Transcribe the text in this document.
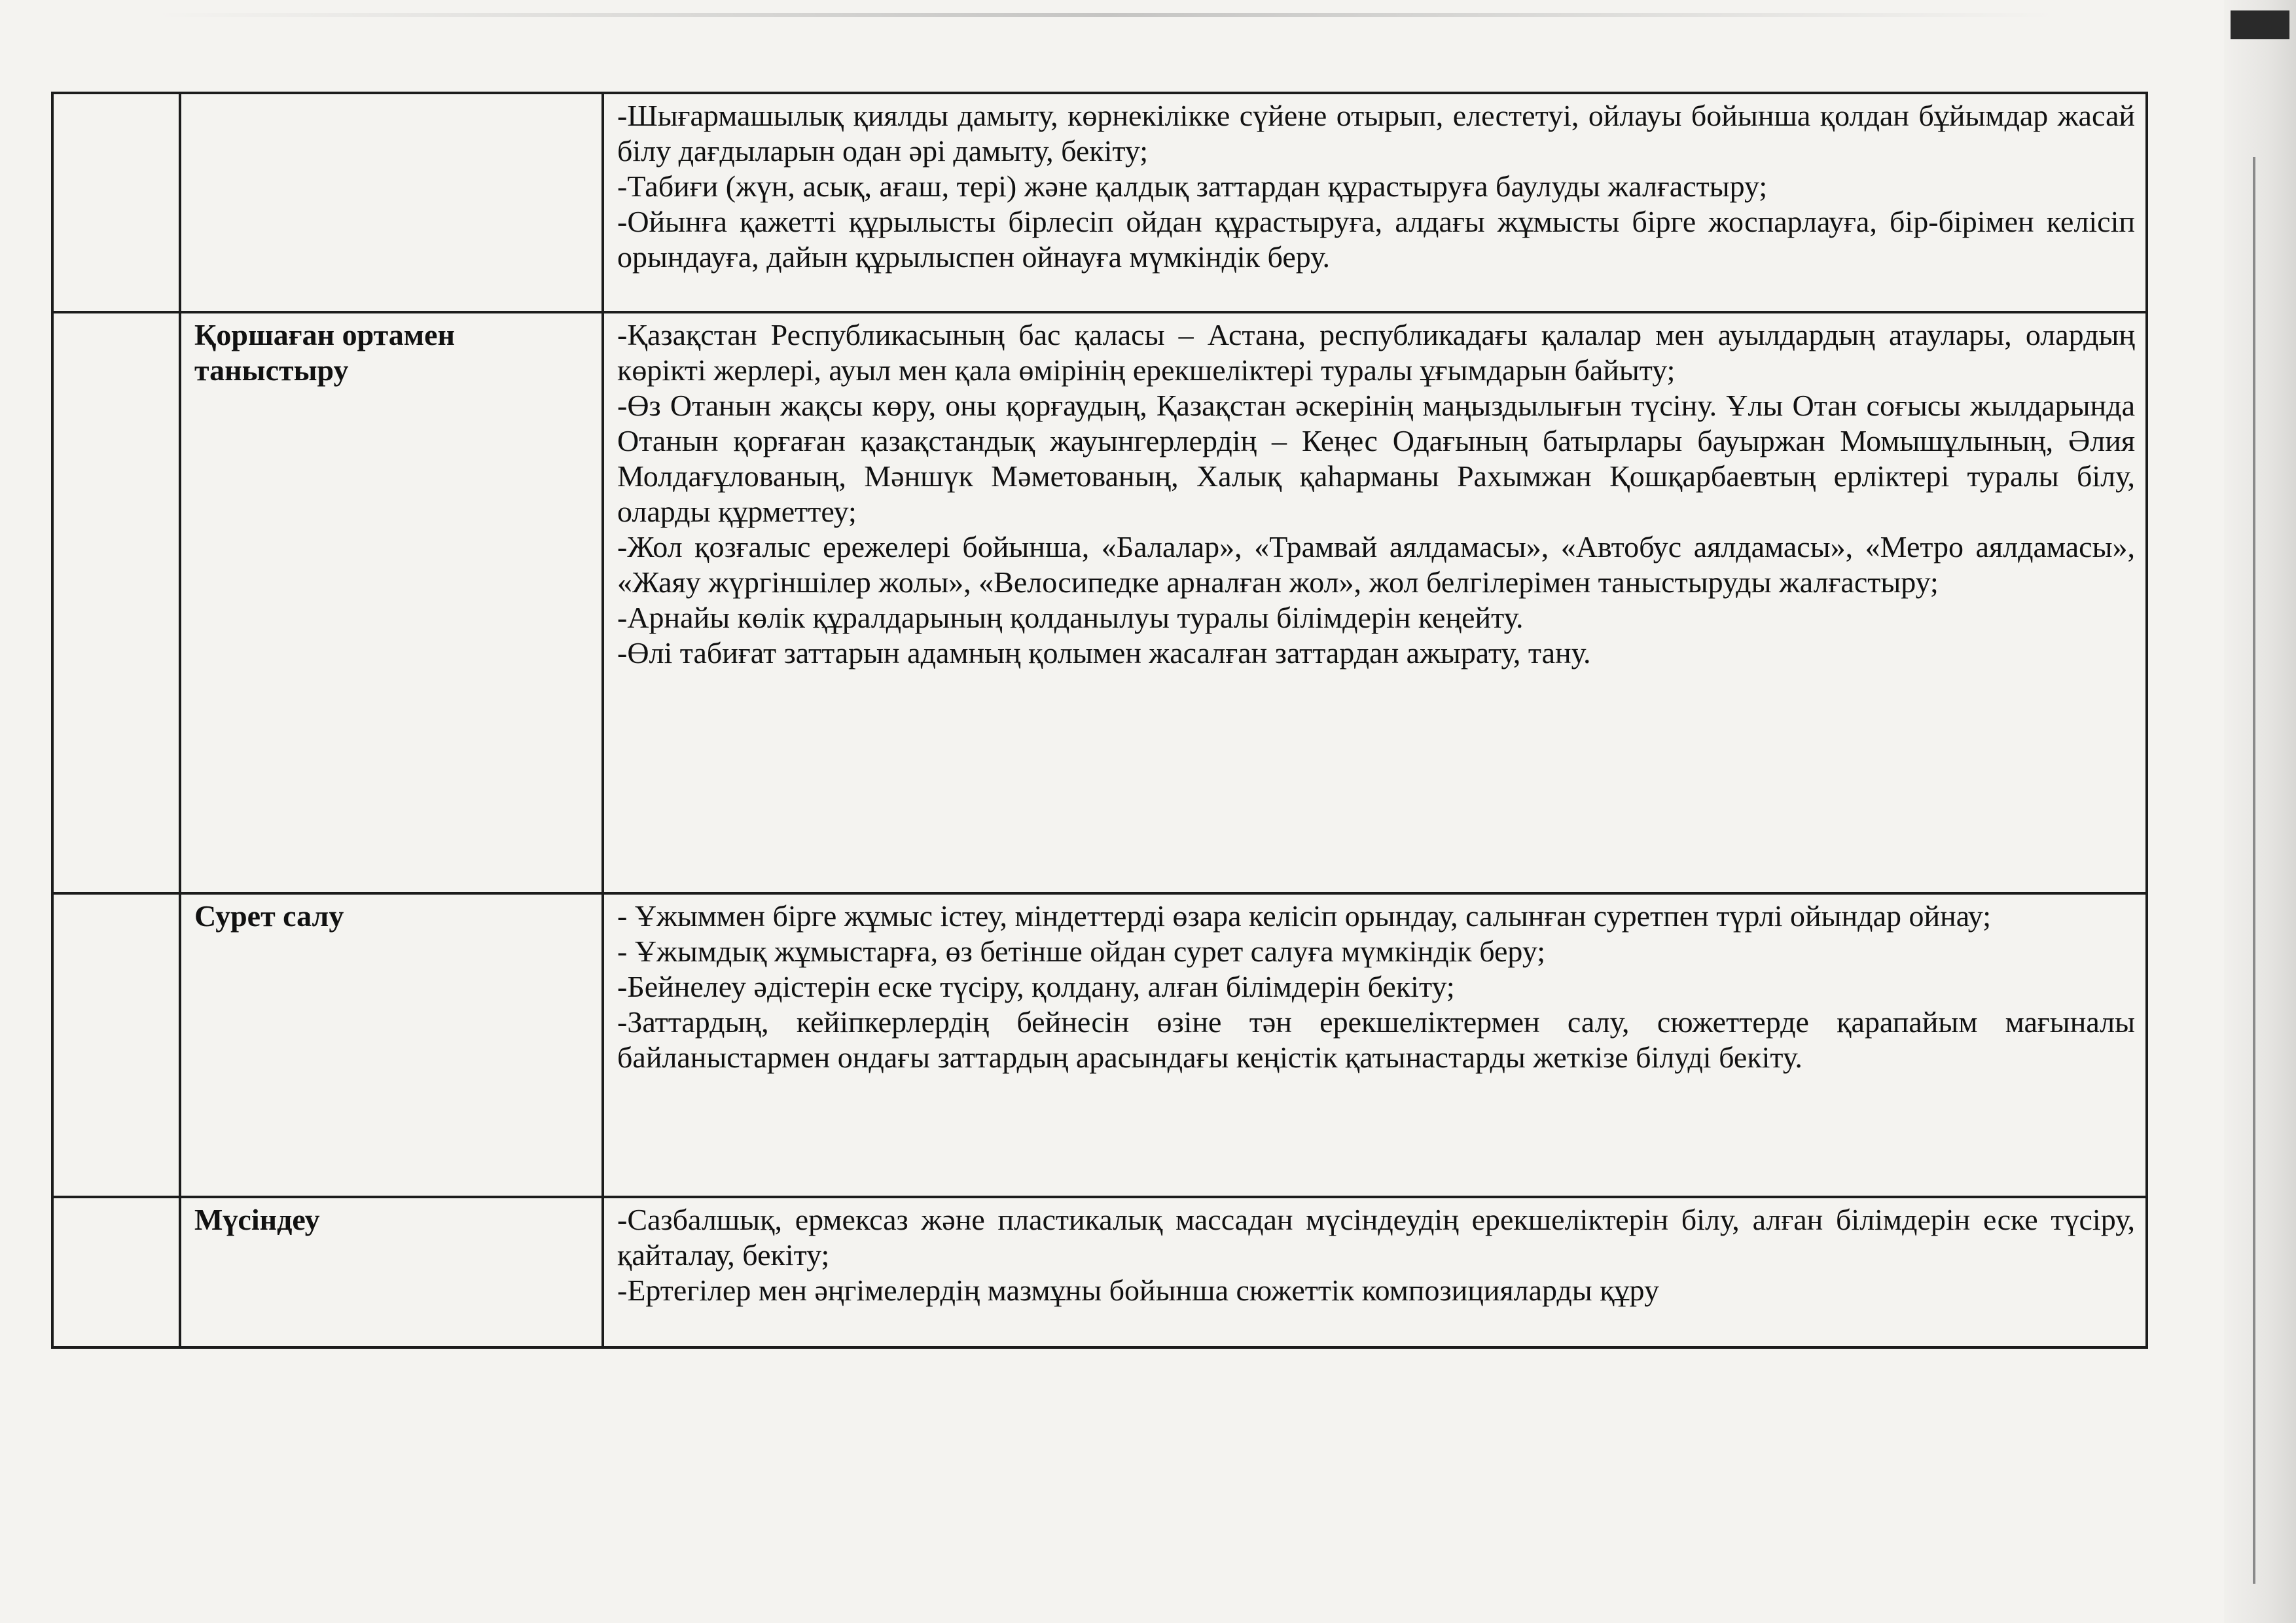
		-Шығармашылық қиялды дамыту, көрнекілікке сүйене отырып, елестетуі, ойлауы бойынша қолдан бұйымдар жасай білу дағдыларын одан әрі дамыту, бекіту;
-Табиғи (жүн, асық, ағаш, тері) және қалдық заттардан құрастыруға баулуды жалғастыру;
-Ойынға қажетті құрылысты бірлесіп ойдан құрастыруға, алдағы жұмысты бірге жоспарлауға, бір-бірімен келісіп орындауға, дайын құрылыспен ойнауға мүмкіндік беру.

	Қоршаған ортамен таныстыру	-Қазақстан Республикасының бас қаласы – Астана, республикадағы қалалар мен ауылдардың атаулары, олардың көрікті жерлері, ауыл мен қала өмірінің ерекшеліктері туралы ұғымдарын байыту;
-Өз Отанын жақсы көру, оны қорғаудың, Қазақстан әскерінің маңыздылығын түсіну. Ұлы Отан соғысы жылдарында Отанын қорғаған қазақстандық жауынгерлердің – Кеңес Одағының батырлары бауыржан Момышұлының, Әлия Молдағұлованың, Мәншүк Мәметованың, Халық қаһарманы Рахымжан Қошқарбаевтың ерліктері туралы білу, оларды құрметтеу;
-Жол қозғалыс ережелері бойынша, «Балалар», «Трамвай аялдамасы», «Автобус аялдамасы», «Метро аялдамасы», «Жаяу жүргіншілер жолы», «Велосипедке арналған жол», жол белгілерімен таныстыруды жалғастыру;
-Арнайы көлік құралдарының қолданылуы туралы білімдерін кеңейту.
-Өлі табиғат заттарын адамның қолымен жасалған заттардан ажырату, тану.

	Сурет салу	- Ұжыммен бірге жұмыс істеу, міндеттерді өзара келісіп орындау, салынған суретпен түрлі ойындар ойнау;
- Ұжымдық жұмыстарға, өз бетінше ойдан сурет салуға мүмкіндік беру;
-Бейнелеу әдістерін еске түсіру, қолдану, алған білімдерін бекіту;
-Заттардың, кейіпкерлердің бейнесін өзіне тән ерекшеліктермен салу, сюжеттерде қарапайым мағыналы байланыстармен ондағы заттардың арасындағы кеңістік қатынастарды жеткізе білуді бекіту.

	Мүсіндеу	-Сазбалшық, ермексаз және пластикалық массадан мүсіндеудің ерекшеліктерін білу, алған білімдерін еске түсіру, қайталау, бекіту;
-Ертегілер мен әңгімелердің мазмұны бойынша сюжеттік композицияларды құру
